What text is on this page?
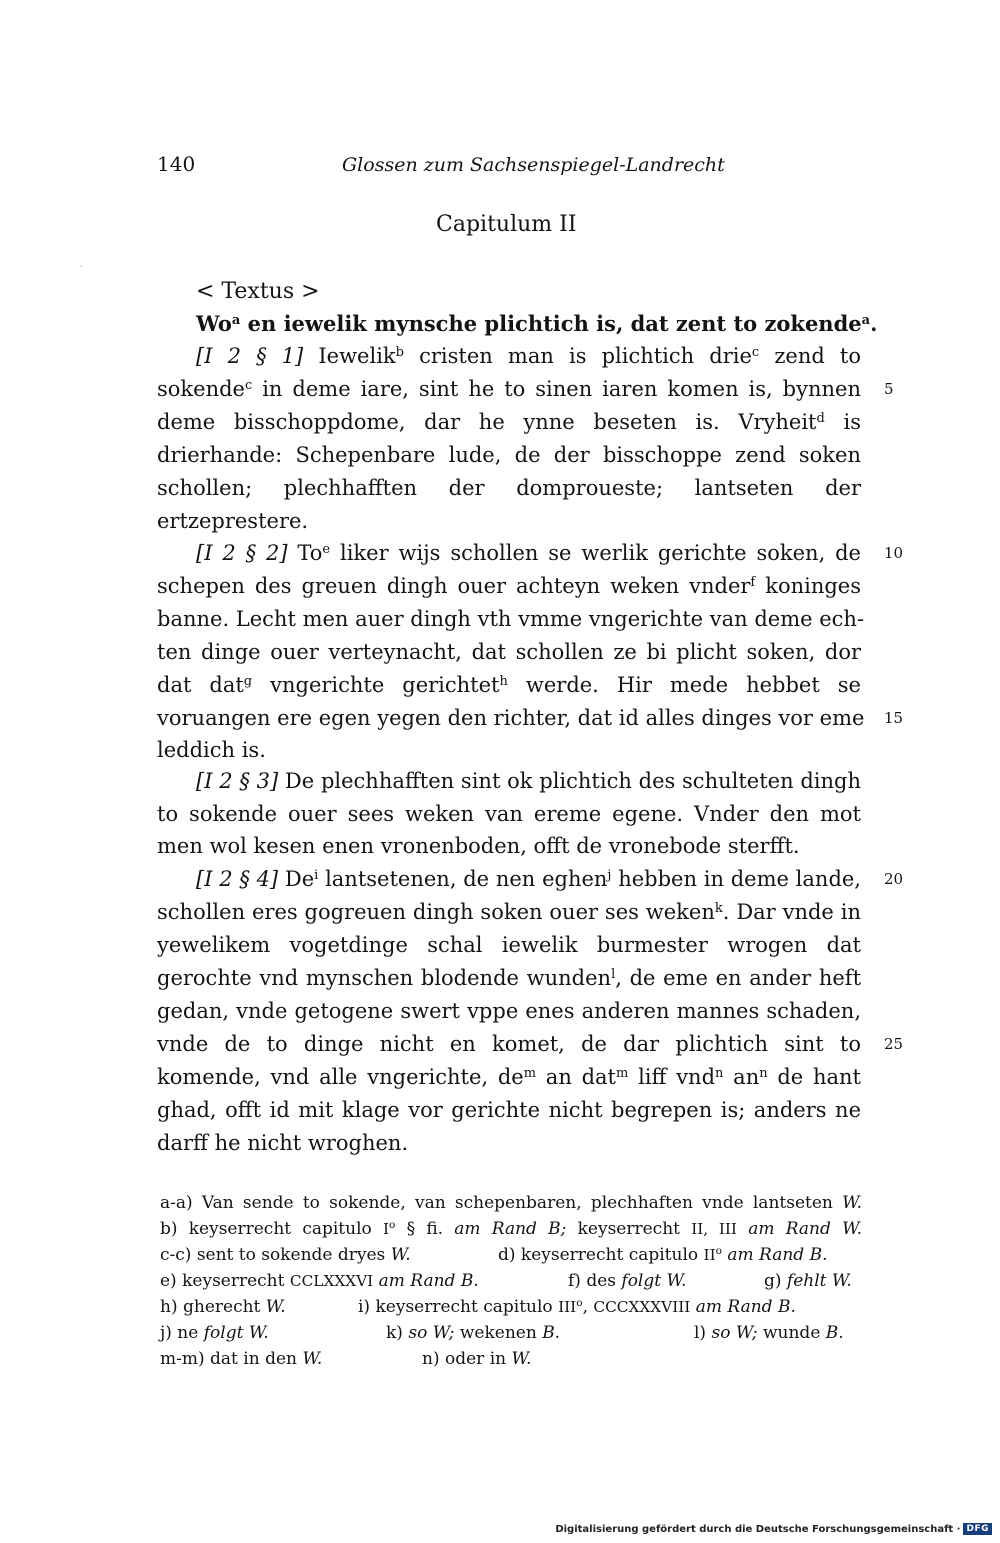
140	Glossen zum Sachsenspiegel-Landrecht
Capitulum II
·
< Textus >
$Wo^a$ en iewelik mynsche plichtich is, dat zent to zokende$^a$.
[I 2 § 1] Iewelik$^b$ cristen man is plichtich drie$^c$ zend to
sokende$^c$ in deme iare, sint he to sinen iaren komen is, bynnen
deme bisschoppdome, dar he ynne beseten is. Vryheit$^d$ is
drierhande: Schepenbare lude, de der bisschoppe zend soken
schollen; plechhafften der domproueste; lantseten der
ertzeprestere.
[I 2 § 2] To$^e$ liker wijs schollen se werlik gerichte soken, de
schepen des greuen dingh ouer achteyn weken vnder$^f$ koninges
banne. Lecht men auer dingh vth vmme vngerichte van deme ech-
ten dinge ouer verteynacht, dat schollen ze bi plicht soken, dor
dat dat$^g$ vngerichte gerichtet$^h$ werde. Hir mede hebbet se
voruangen ere egen yegen den richter, dat id alles dinges vor eme
leddich is.
[I 2 § 3] De plechhafften sint ok plichtich des schulteten dingh
to sokende ouer sees weken van ereme egene. Vnder den mot
men wol kesen enen vronenboden, offt de vronebode sterfft.
[I 2 § 4] De$^i$ lantsetenen, de nen eghen$^j$ hebben in deme lande,
schollen eres gogreuen dingh soken ouer ses weken$^k$. Dar vnde in
yewelikem vogetdinge schal iewelik burmester wrogen dat
gerochte vnd mynschen blodende wunden$^l$, de eme en ander heft
gedan, vnde getogene swert vppe enes anderen mannes schaden,
vnde de to dinge nicht en komet, de dar plichtich sint to
komende, vnd alle vngerichte, $de^m$ an dat$^m$ liff vnd$^n$ $an^n$ de hant
ghad, offt id mit klage vor gerichte nicht begrepen is; anders ne
darff he nicht wroghen.
5
10
15
20
25
a-a) Van sende to sokende, van schepenbaren, plechhaften vnde lantseten W.
b) keyserrecht capitulo $I^o$ § fi. am Rand B; keyserrecht II, III am Rand W.
c-c) sent to sokende dryes W.	d) keyserrecht capitulo $II^o$ am Rand B.
e) keyserrecht CCLXXXVI am Rand B.	f) des folgt W.	g) fehlt W.
h) gherecht W.	i) keyserrecht capitulo III$^o$, CCCXXXVIII am Rand B.
j) ne folgt W.	k) so W; wekenen B.	l) so W; wunde B.
m-m) dat in den W.	n) oder in W.
Digitalisierung gefördert durch die Deutsche Forschungsgemeinschaft · DFG
